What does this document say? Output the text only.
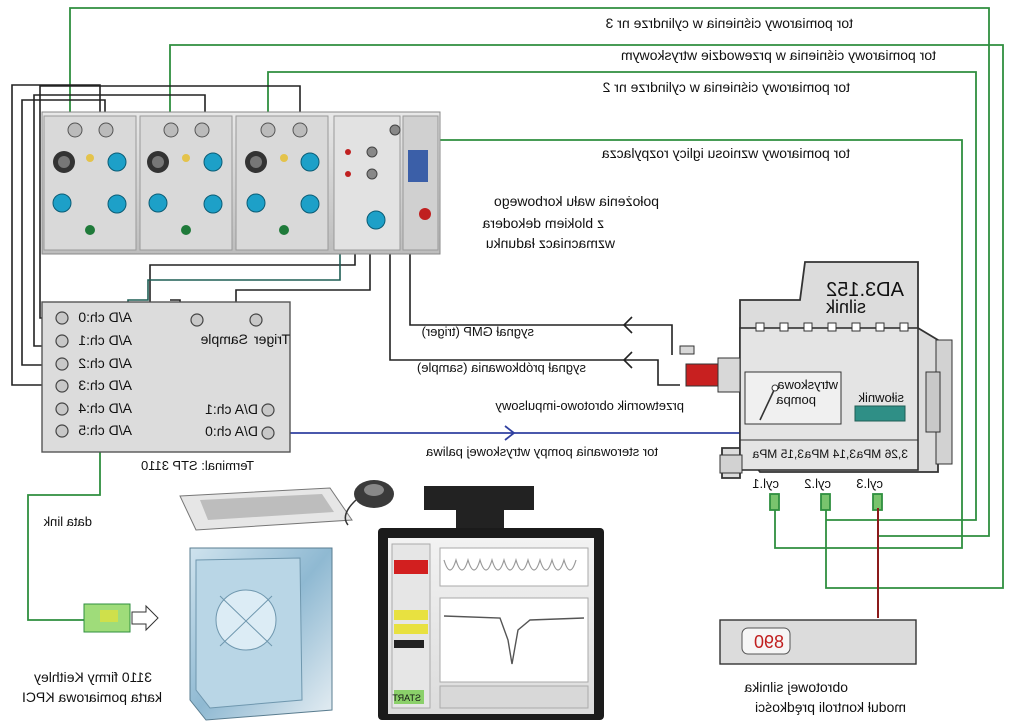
tor pomiarowy ciśnienia w cylindrze nr 3
tor pomiarowy ciśnienia w przewodzie wtryskowym
tor pomiarowy ciśnienia w cylindrze nr 2
tor pomiarowy wzniosu iglicy rozpylacza
położenia wału korbowego
z blokiem dekodera
wzmacniacz ładunku
sygnał GMP (triger)
sygnał próbkowania (sample)
przetwornik obrotowo-impulsowy
tor sterowania pompy wtryskowej paliwa
A/D ch:0
A/D ch:1
A/D ch:2
A/D ch:3
A/D ch:4
A/D ch:5
Sample Triger
D/A ch:1
D/A ch:0
Terminal: STP 3110
data link
AD3.152
silnik
wtryskowa
pompa	siłownik
3,15 MPa 3,14 MPa 3,26 MPa
cyl.1 cyl.2 cyl.3
890
obrotowej silnika
moduł kontroli prędkości
3110 firmy Keithley
karta pomiarowa KPCI	START
